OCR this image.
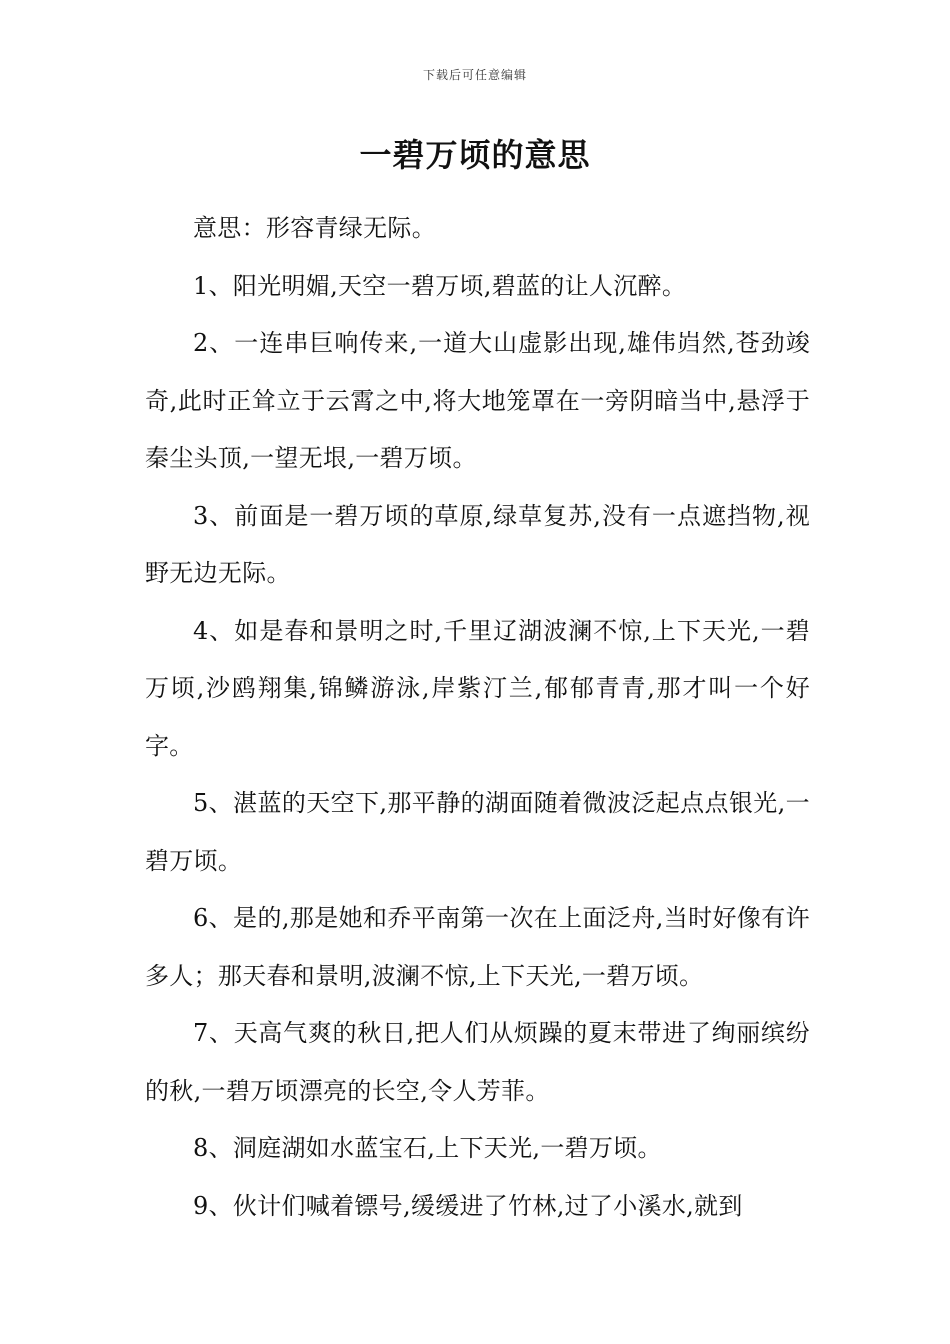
下载后可任意编辑
一碧万顷的意思

意思：形容青绿无际。

1、阳光明媚,天空一碧万顷,碧蓝的让人沉醉。

2、一连串巨响传来,一道大山虚影出现,雄伟岿然,苍劲竣奇,此时正耸立于云霄之中,将大地笼罩在一旁阴暗当中,悬浮于秦尘头顶,一望无垠,一碧万顷。

3、前面是一碧万顷的草原,绿草复苏,没有一点遮挡物,视野无边无际。

4、如是春和景明之时,千里辽湖波澜不惊,上下天光,一碧万顷,沙鸥翔集,锦鳞游泳,岸紫汀兰,郁郁青青,那才叫一个好字。

5、湛蓝的天空下,那平静的湖面随着微波泛起点点银光,一碧万顷。

6、是的,那是她和乔平南第一次在上面泛舟,当时好像有许多人；那天春和景明,波澜不惊,上下天光,一碧万顷。

7、天高气爽的秋日,把人们从烦躁的夏末带进了绚丽缤纷的秋,一碧万顷漂亮的长空,令人芳菲。

8、洞庭湖如水蓝宝石,上下天光,一碧万顷。

9、伙计们喊着镖号,缓缓进了竹林,过了小溪水,就到
